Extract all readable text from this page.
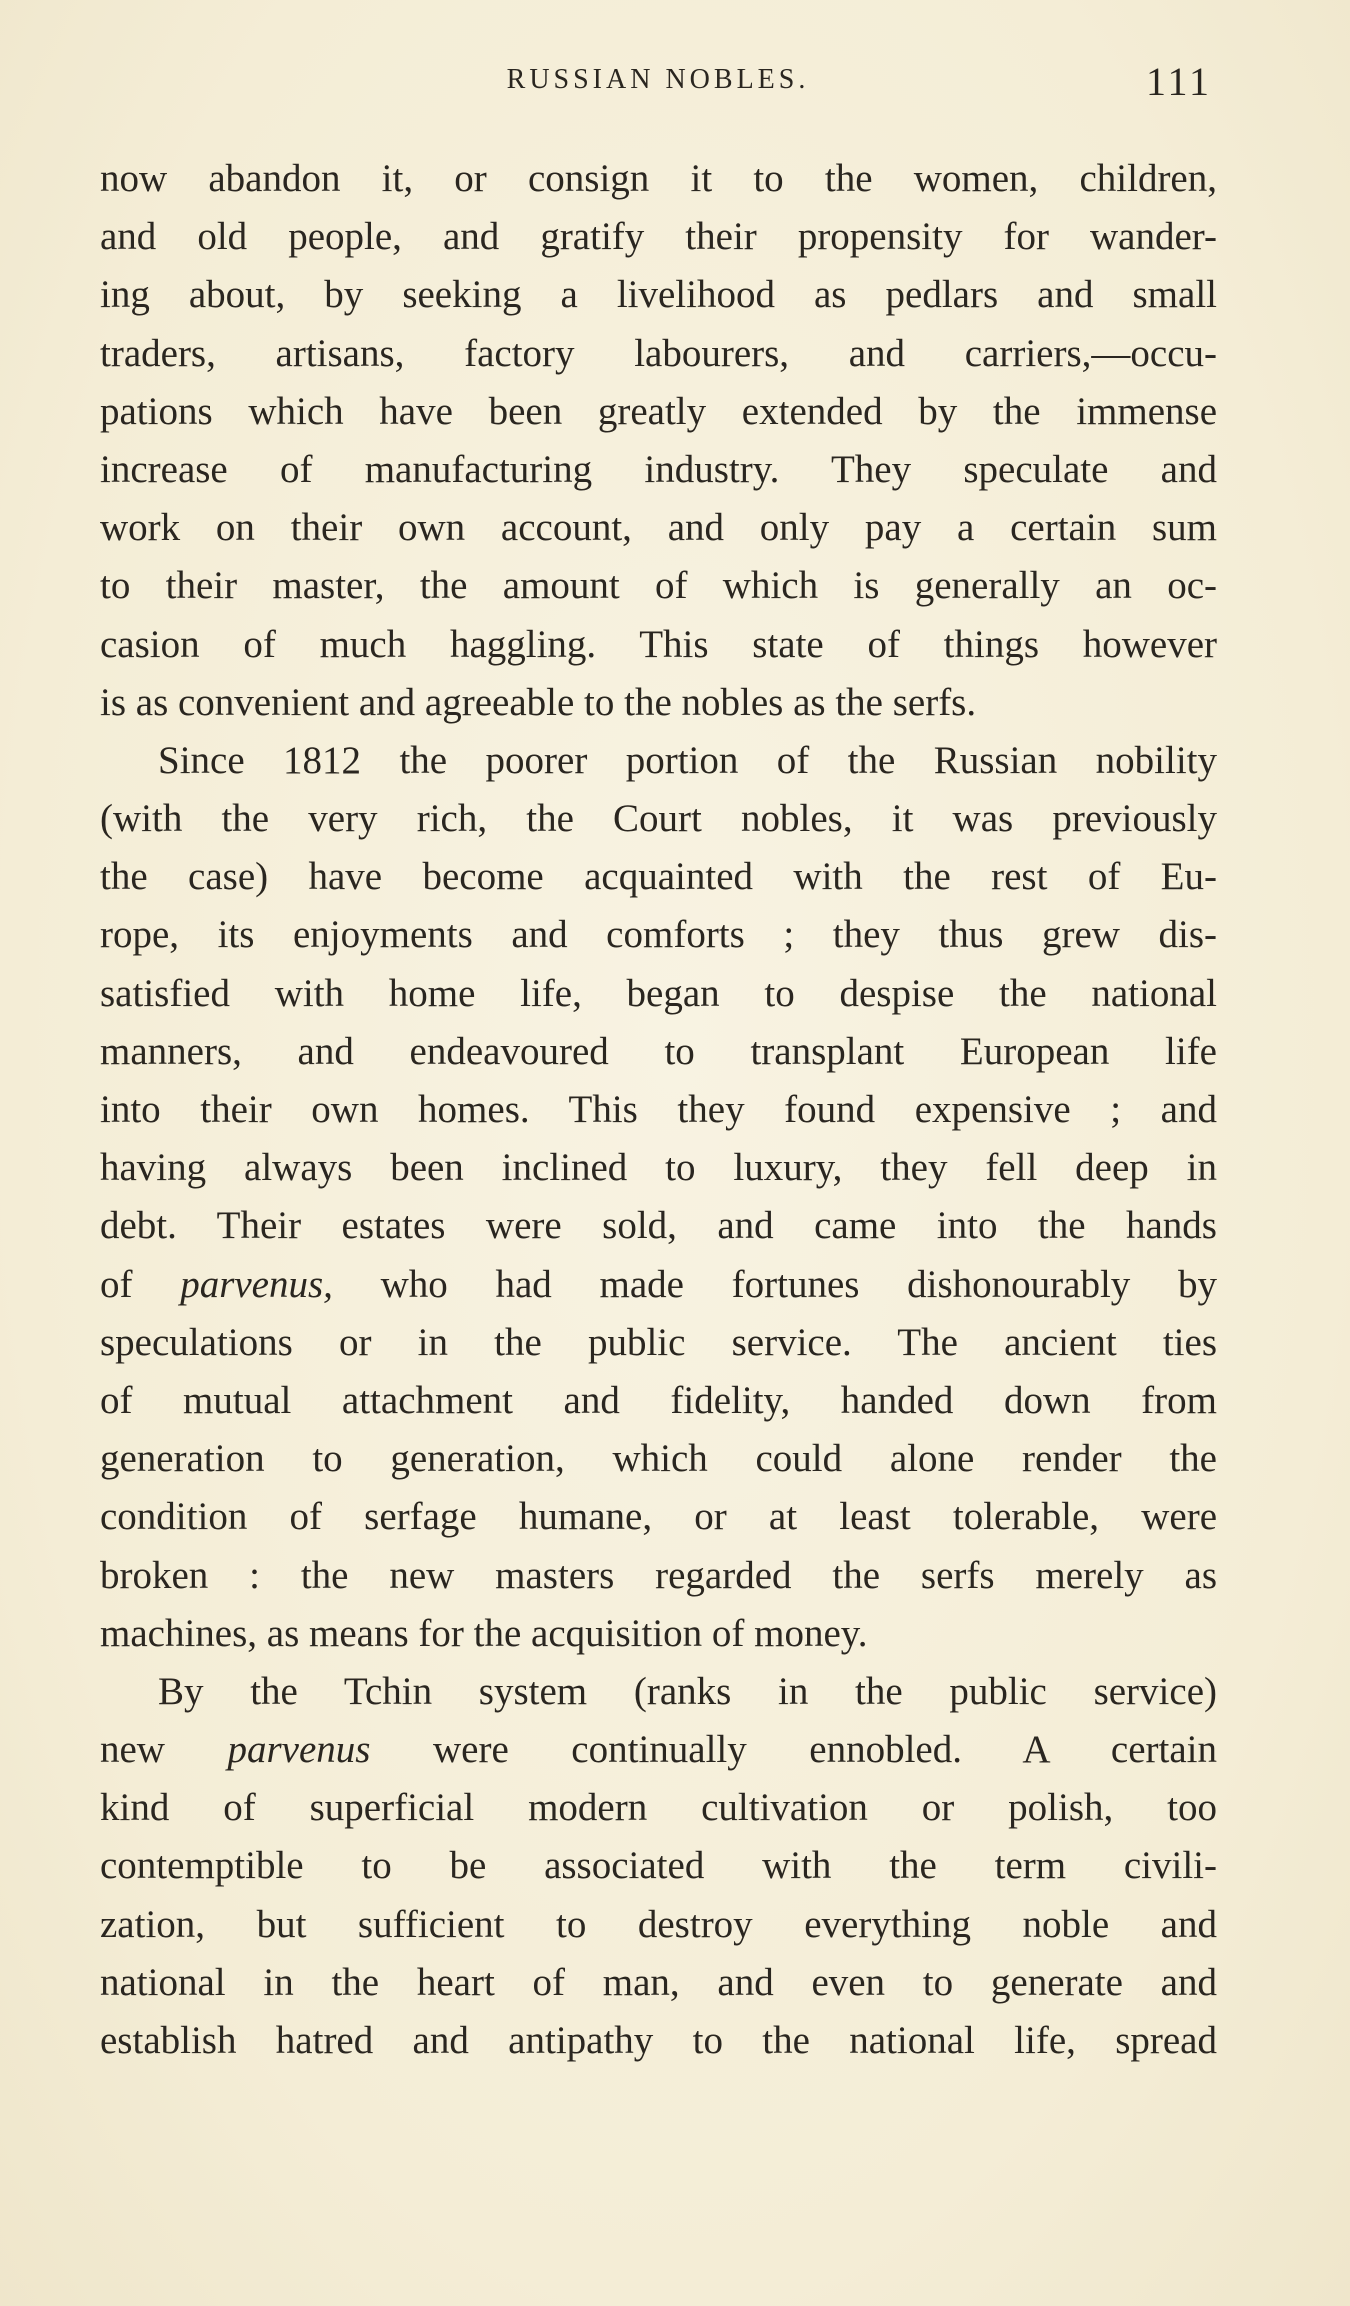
RUSSIAN NOBLES.	111
now abandon it, or consign it to the women, children,
and old people, and gratify their propensity for wander-
ing about, by seeking a livelihood as pedlars and small
traders, artisans, factory labourers, and carriers,—occu-
pations which have been greatly extended by the immense
increase of manufacturing industry. They speculate and
work on their own account, and only pay a certain sum
to their master, the amount of which is generally an oc-
casion of much haggling. This state of things however
is as convenient and agreeable to the nobles as the serfs.
Since 1812 the poorer portion of the Russian nobility
(with the very rich, the Court nobles, it was previously
the case) have become acquainted with the rest of Eu-
rope, its enjoyments and comforts ; they thus grew dis-
satisfied with home life, began to despise the national
manners, and endeavoured to transplant European life
into their own homes. This they found expensive ; and
having always been inclined to luxury, they fell deep in
debt. Their estates were sold, and came into the hands
of parvenus, who had made fortunes dishonourably by
speculations or in the public service. The ancient ties
of mutual attachment and fidelity, handed down from
generation to generation, which could alone render the
condition of serfage humane, or at least tolerable, were
broken : the new masters regarded the serfs merely as
machines, as means for the acquisition of money.
By the Tchin system (ranks in the public service)
new parvenus were continually ennobled. A certain
kind of superficial modern cultivation or polish, too
contemptible to be associated with the term civili-
zation, but sufficient to destroy everything noble and
national in the heart of man, and even to generate and
establish hatred and antipathy to the national life, spread
